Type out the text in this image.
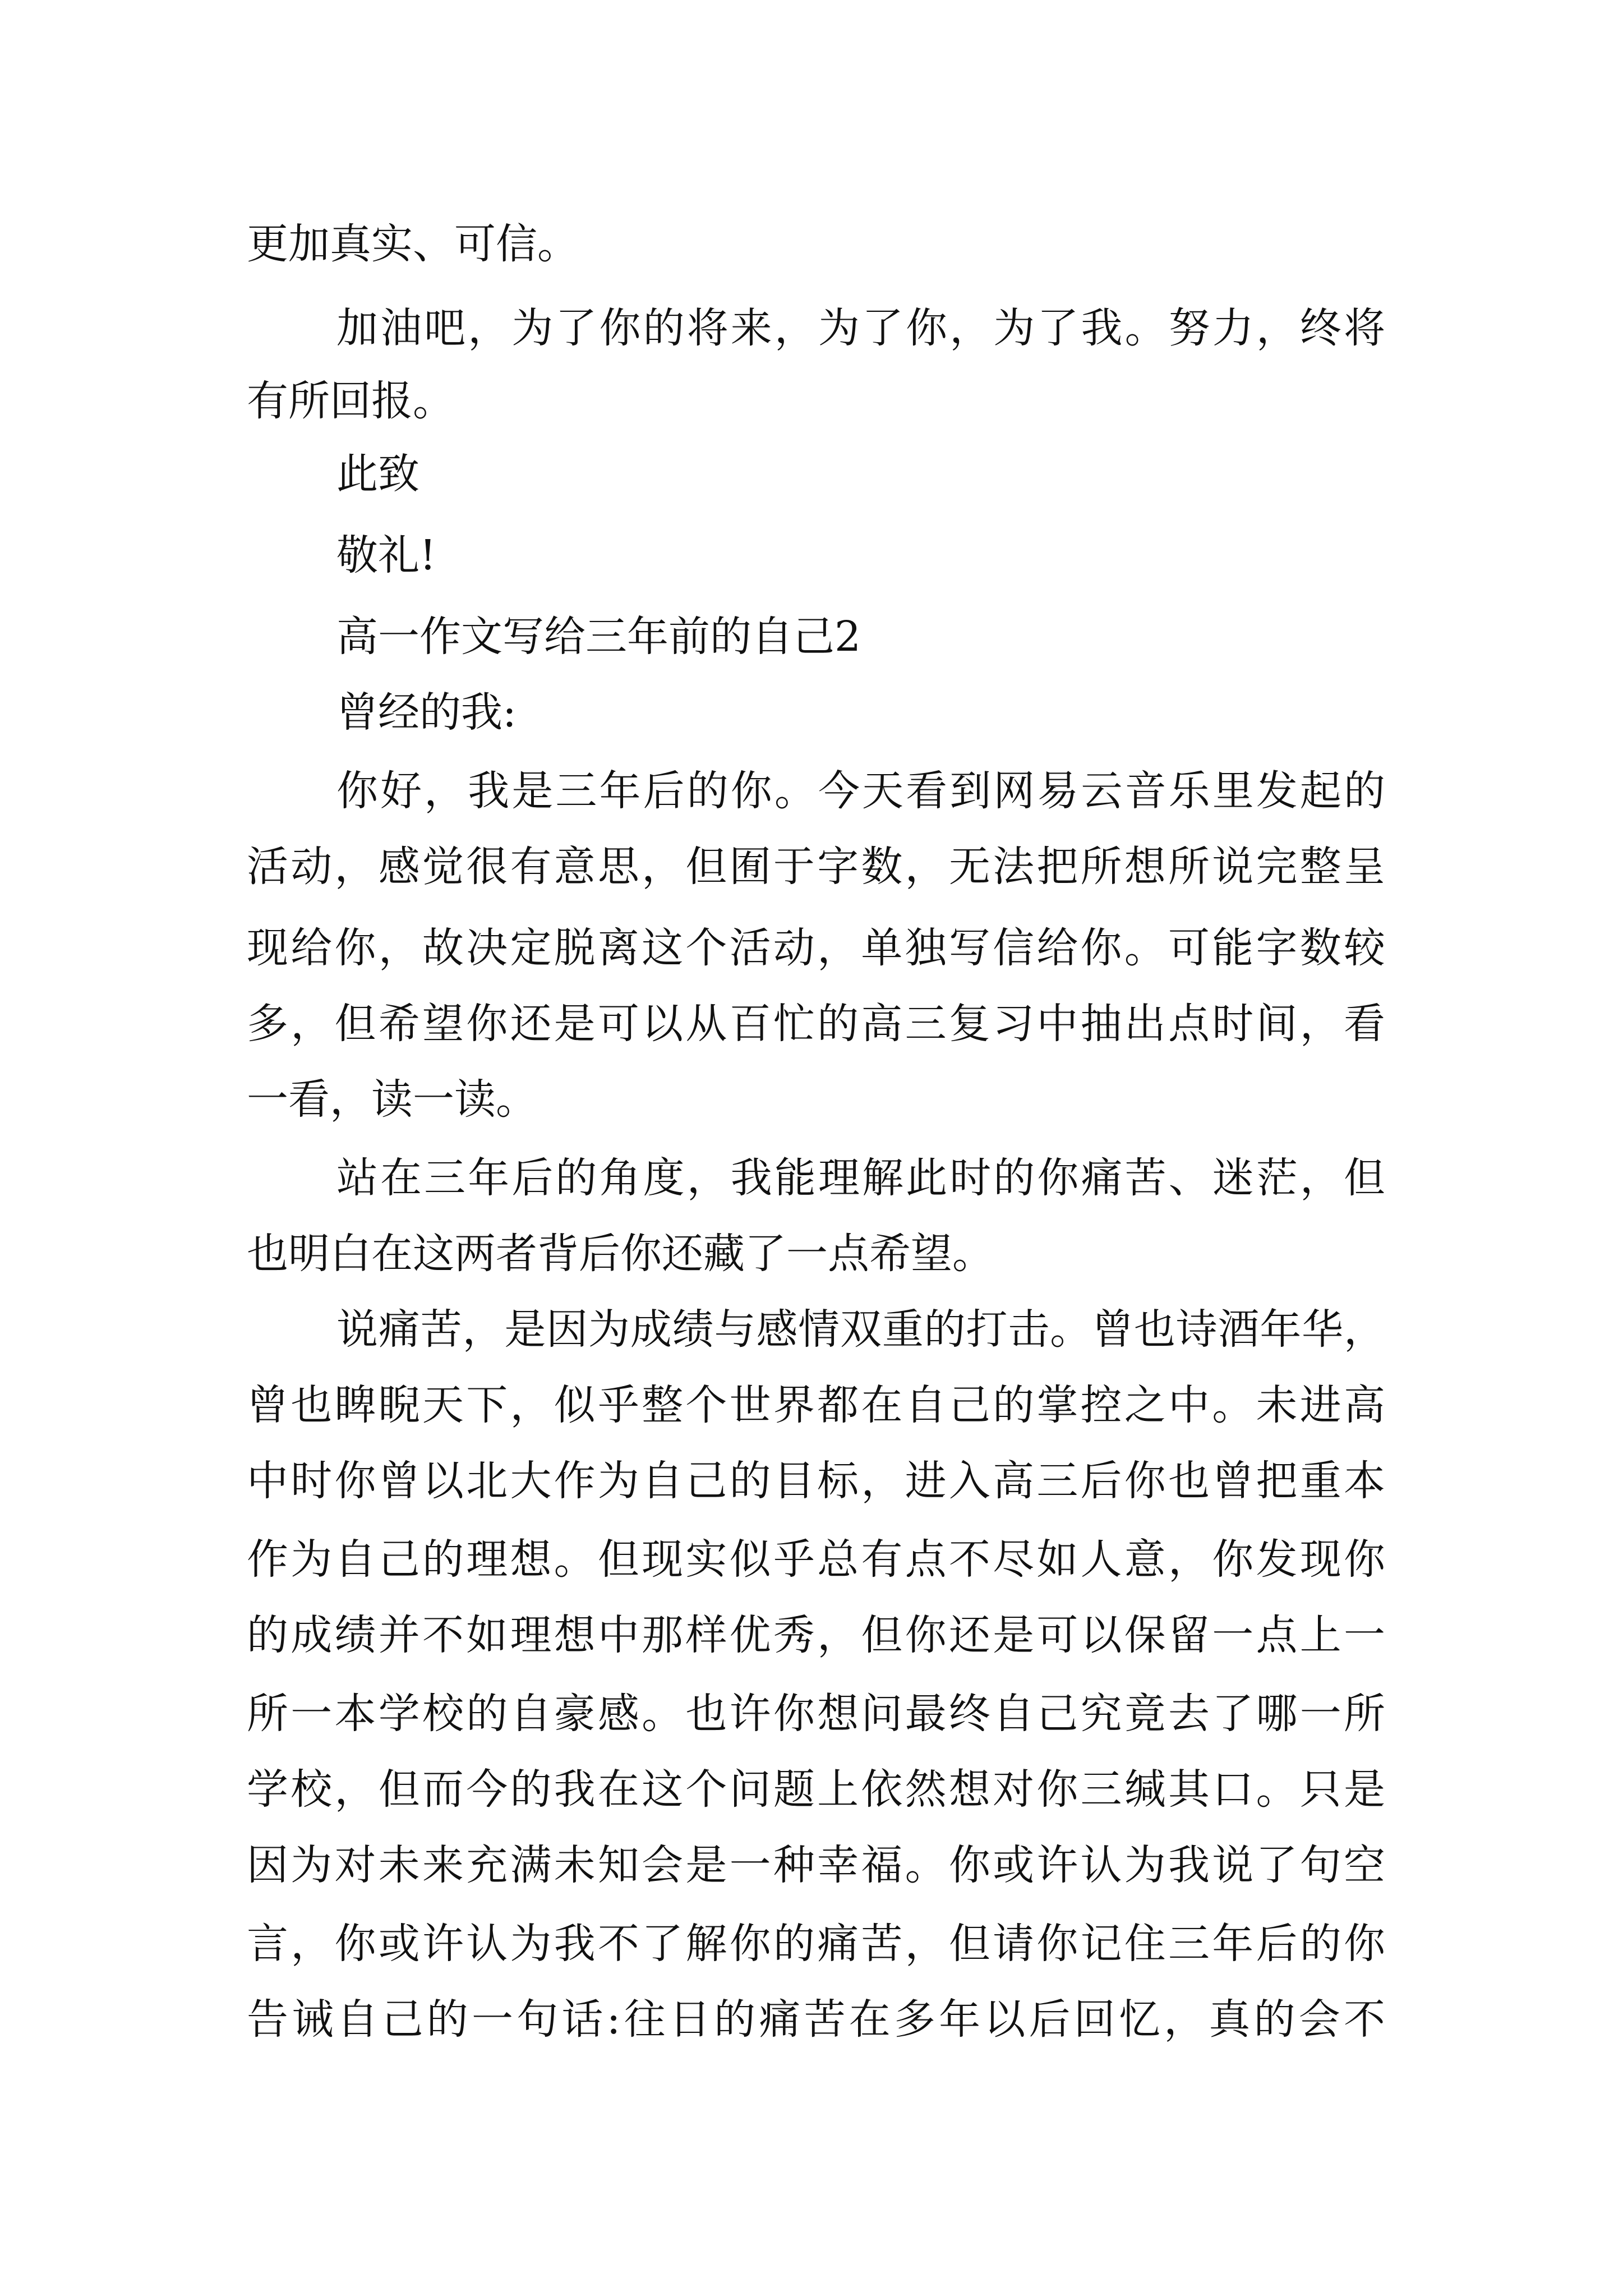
更加真实、可信。
加油吧，为了你的将来，为了你，为了我。努力，终将
有所回报。
此致
敬礼!
高一作文写给三年前的自己2
曾经的我:
你好，我是三年后的你。今天看到网易云音乐里发起的
活动，感觉很有意思，但囿于字数，无法把所想所说完整呈
现给你，故决定脱离这个活动，单独写信给你。可能字数较
多，但希望你还是可以从百忙的高三复习中抽出点时间，看
一看，读一读。
站在三年后的角度，我能理解此时的你痛苦、迷茫，但
也明白在这两者背后你还藏了一点希望。
说痛苦，是因为成绩与感情双重的打击。曾也诗酒年华，
曾也睥睨天下，似乎整个世界都在自己的掌控之中。未进高
中时你曾以北大作为自己的目标，进入高三后你也曾把重本
作为自己的理想。但现实似乎总有点不尽如人意，你发现你
的成绩并不如理想中那样优秀，但你还是可以保留一点上一
所一本学校的自豪感。也许你想问最终自己究竟去了哪一所
学校，但而今的我在这个问题上依然想对你三缄其口。只是
因为对未来充满未知会是一种幸福。你或许认为我说了句空
言，你或许认为我不了解你的痛苦，但请你记住三年后的你
告诫自己的一句话:往日的痛苦在多年以后回忆，真的会不
